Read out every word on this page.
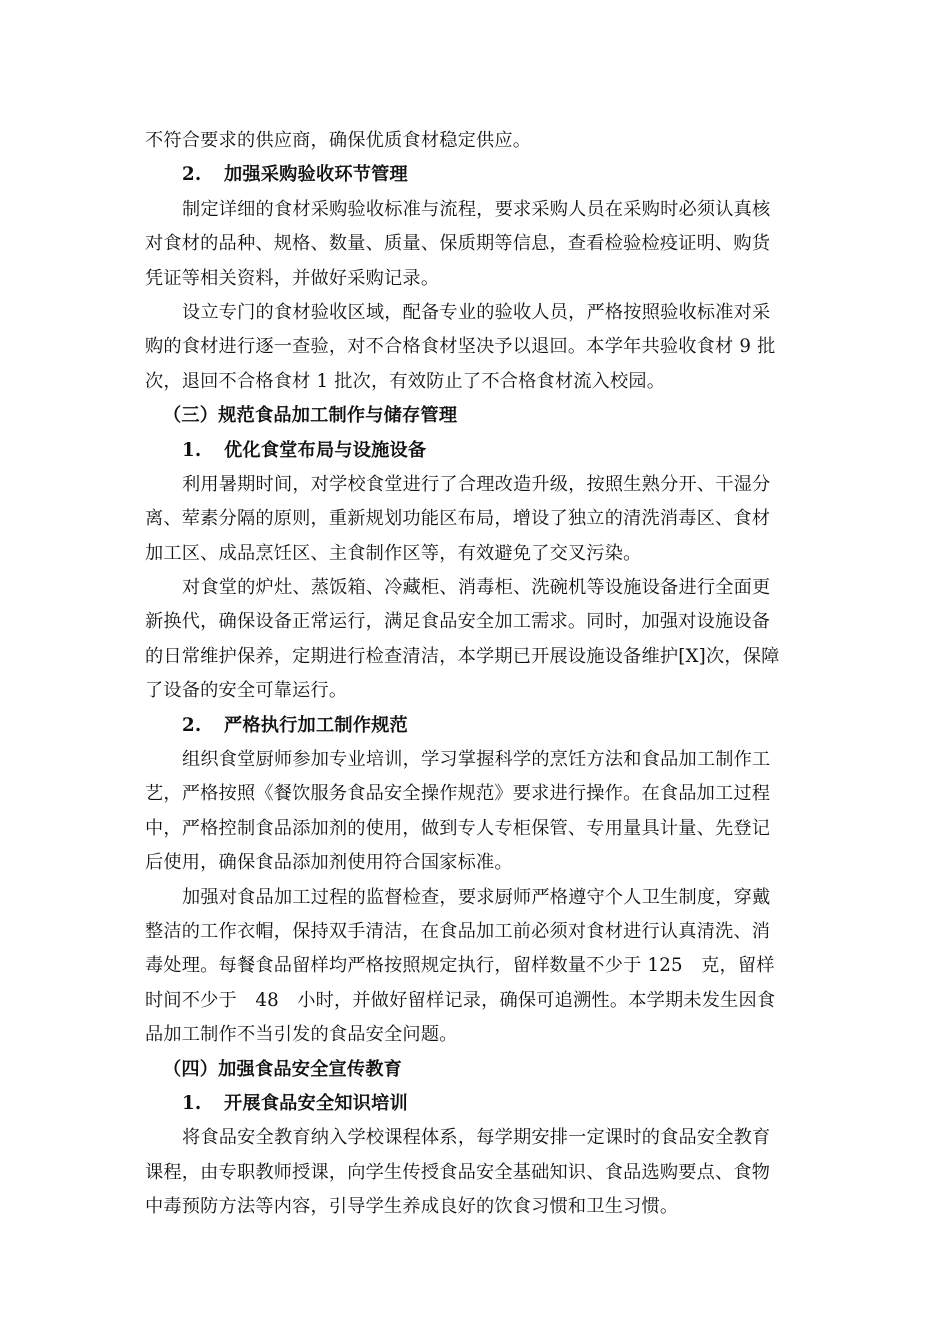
不符合要求的供应商，确保优质食材稳定供应。
2. 加强采购验收环节管理
制定详细的食材采购验收标准与流程，要求采购人员在采购时必须认真核
对食材的品种、规格、数量、质量、保质期等信息，查看检验检疫证明、购货
凭证等相关资料，并做好采购记录。
设立专门的食材验收区域，配备专业的验收人员，严格按照验收标准对采
购的食材进行逐一查验，对不合格食材坚决予以退回。本学年共验收食材 9 批
次，退回不合格食材 1 批次，有效防止了不合格食材流入校园。
（三）规范食品加工制作与储存管理
1. 优化食堂布局与设施设备
利用暑期时间，对学校食堂进行了合理改造升级，按照生熟分开、干湿分
离、荤素分隔的原则，重新规划功能区布局，增设了独立的清洗消毒区、食材
加工区、成品烹饪区、主食制作区等，有效避免了交叉污染。
对食堂的炉灶、蒸饭箱、冷藏柜、消毒柜、洗碗机等设施设备进行全面更
新换代，确保设备正常运行，满足食品安全加工需求。同时，加强对设施设备
的日常维护保养，定期进行检查清洁，本学期已开展设施设备维护[X]次，保障
了设备的安全可靠运行。
2. 严格执行加工制作规范
组织食堂厨师参加专业培训，学习掌握科学的烹饪方法和食品加工制作工
艺，严格按照《餐饮服务食品安全操作规范》要求进行操作。在食品加工过程
中，严格控制食品添加剂的使用，做到专人专柜保管、专用量具计量、先登记
后使用，确保食品添加剂使用符合国家标准。
加强对食品加工过程的监督检查，要求厨师严格遵守个人卫生制度，穿戴
整洁的工作衣帽，保持双手清洁，在食品加工前必须对食材进行认真清洗、消
毒处理。每餐食品留样均严格按照规定执行，留样数量不少于 125　克，留样
时间不少于　48　小时，并做好留样记录，确保可追溯性。本学期未发生因食
品加工制作不当引发的食品安全问题。
（四）加强食品安全宣传教育
1. 开展食品安全知识培训
将食品安全教育纳入学校课程体系，每学期安排一定课时的食品安全教育
课程，由专职教师授课，向学生传授食品安全基础知识、食品选购要点、食物
中毒预防方法等内容，引导学生养成良好的饮食习惯和卫生习惯。
